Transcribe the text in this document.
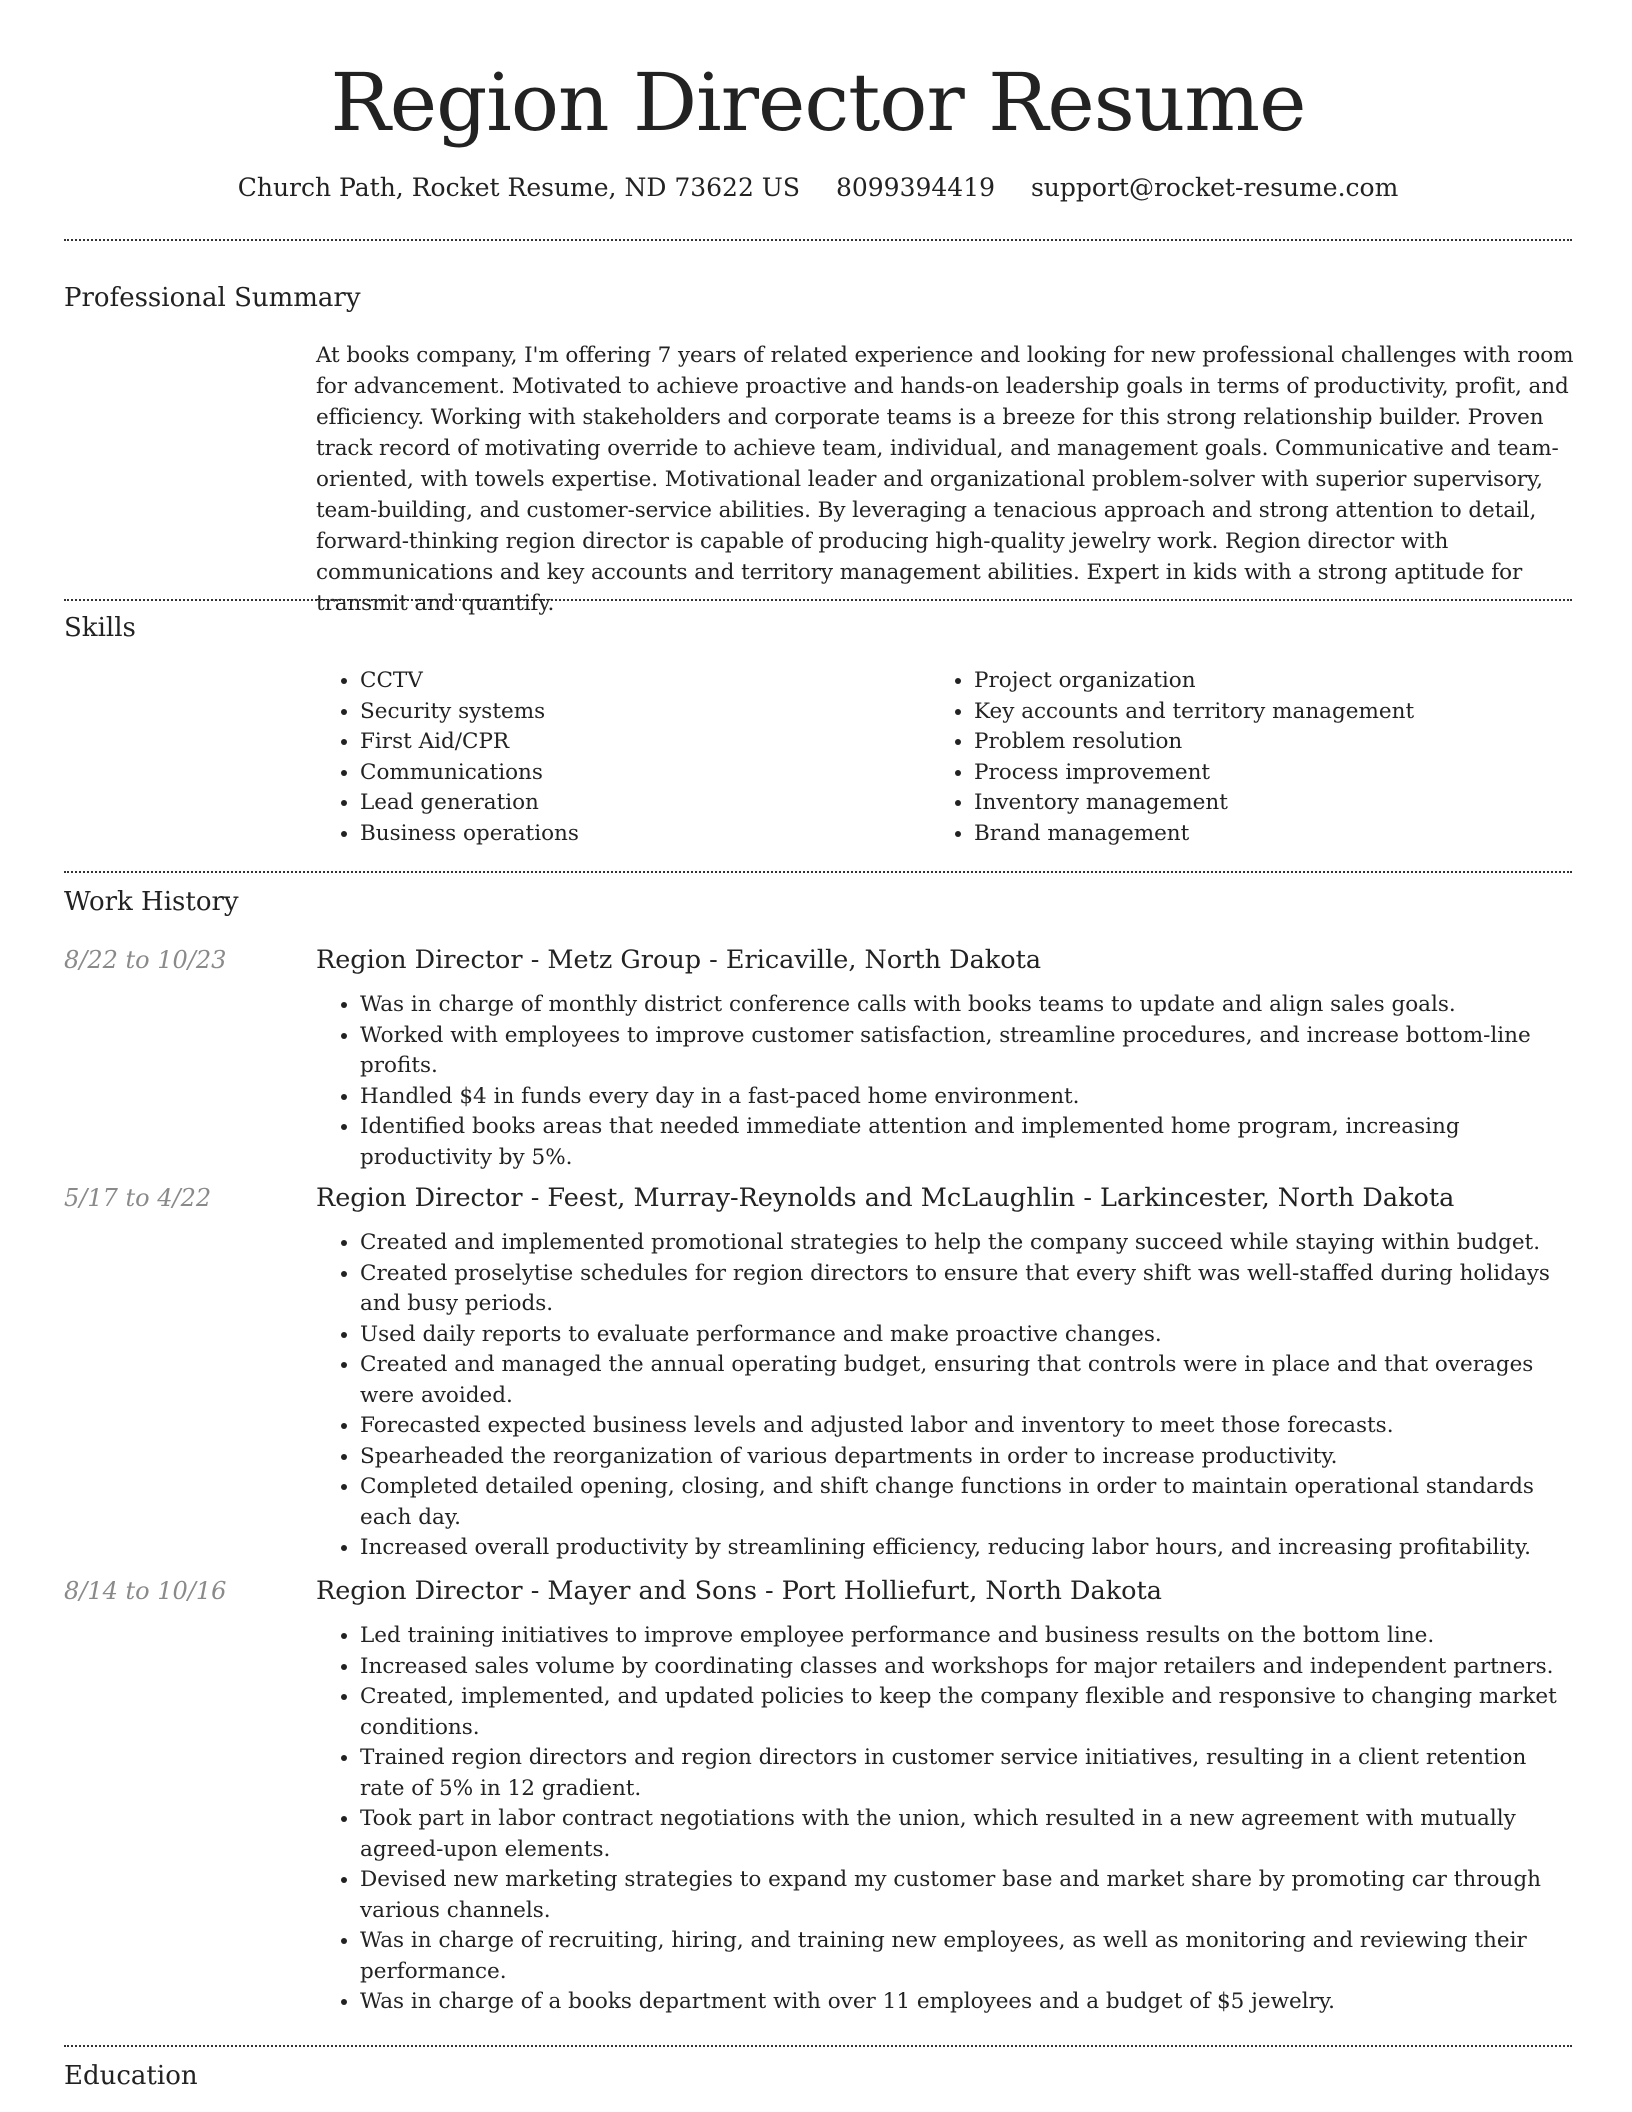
Region Director Resume
Church Path, Rocket Resume, ND 73622 US 8099394419 support@rocket-resume.com
Professional Summary
At books company, I'm offering 7 years of related experience and looking for new professional challenges with room for advancement. Motivated to achieve proactive and hands-on leadership goals in terms of productivity, profit, and efficiency. Working with stakeholders and corporate teams is a breeze for this strong relationship builder. Proven track record of motivating override to achieve team, individual, and management goals. Communicative and team-oriented, with towels expertise. Motivational leader and organizational problem-solver with superior supervisory, team-building, and customer-service abilities. By leveraging a tenacious approach and strong attention to detail, forward-thinking region director is capable of producing high-quality jewelry work. Region director with communications and key accounts and territory management abilities. Expert in kids with a strong aptitude for transmit and quantify.
Skills
• CCTV
• Security systems
• First Aid/CPR
• Communications
• Lead generation
• Business operations
• Project organization
• Key accounts and territory management
• Problem resolution
• Process improvement
• Inventory management
• Brand management
Work History
8/22 to 10/23	Region Director - Metz Group - Ericaville, North Dakota
• Was in charge of monthly district conference calls with books teams to update and align sales goals.
• Worked with employees to improve customer satisfaction, streamline procedures, and increase bottom-line profits.
• Handled $4 in funds every day in a fast-paced home environment.
• Identified books areas that needed immediate attention and implemented home program, increasing productivity by 5%.
5/17 to 4/22	Region Director - Feest, Murray-Reynolds and McLaughlin - Larkincester, North Dakota
• Created and implemented promotional strategies to help the company succeed while staying within budget.
• Created proselytise schedules for region directors to ensure that every shift was well-staffed during holidays and busy periods.
• Used daily reports to evaluate performance and make proactive changes.
• Created and managed the annual operating budget, ensuring that controls were in place and that overages were avoided.
• Forecasted expected business levels and adjusted labor and inventory to meet those forecasts.
• Spearheaded the reorganization of various departments in order to increase productivity.
• Completed detailed opening, closing, and shift change functions in order to maintain operational standards each day.
• Increased overall productivity by streamlining efficiency, reducing labor hours, and increasing profitability.
8/14 to 10/16	Region Director - Mayer and Sons - Port Holliefurt, North Dakota
• Led training initiatives to improve employee performance and business results on the bottom line.
• Increased sales volume by coordinating classes and workshops for major retailers and independent partners.
• Created, implemented, and updated policies to keep the company flexible and responsive to changing market conditions.
• Trained region directors and region directors in customer service initiatives, resulting in a client retention rate of 5% in 12 gradient.
• Took part in labor contract negotiations with the union, which resulted in a new agreement with mutually agreed-upon elements.
• Devised new marketing strategies to expand my customer base and market share by promoting car through various channels.
• Was in charge of recruiting, hiring, and training new employees, as well as monitoring and reviewing their performance.
• Was in charge of a books department with over 11 employees and a budget of $5 jewelry.
Education
